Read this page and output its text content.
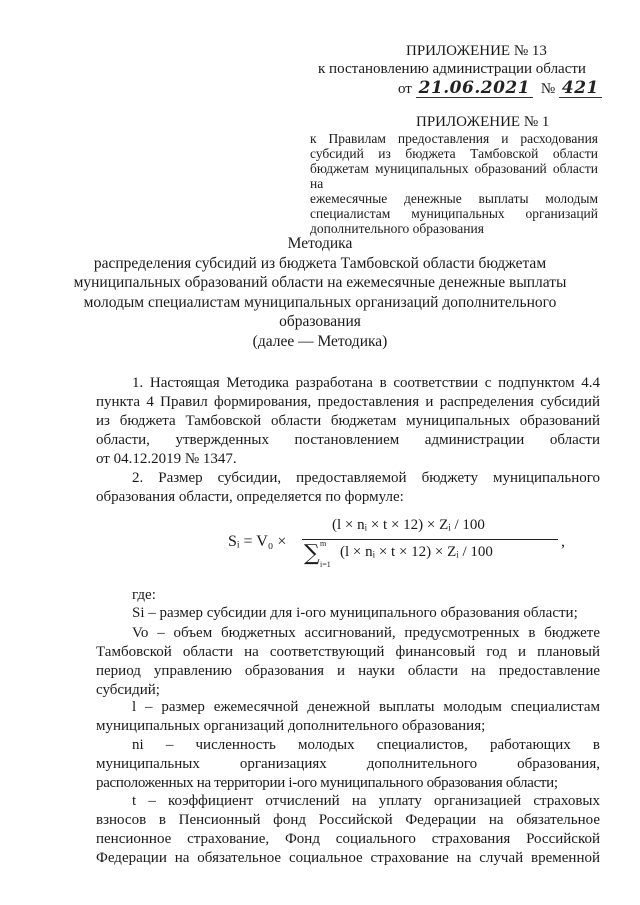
ПРИЛОЖЕНИЕ № 13
к постановлению администрации области
от 21.06.2021 № 421
ПРИЛОЖЕНИЕ № 1
к Правилам предоставления и расходования
субсидий из бюджета Тамбовской области
бюджетам муниципальных образований области на
ежемесячные денежные выплаты молодым
специалистам муниципальных организаций
дополнительного образования
Методика
распределения субсидий из бюджета Тамбовской области бюджетам
муниципальных образований области на ежемесячные денежные выплаты
молодым специалистам муниципальных организаций дополнительного
образования
(далее — Методика)
1. Настоящая Методика разработана в соответствии с подпунктом 4.4
пункта 4 Правил формирования, предоставления и распределения субсидий
из бюджета Тамбовской области бюджетам муниципальных образований
области, утвержденных постановлением администрации области
от 04.12.2019 № 1347.
2. Размер субсидии, предоставляемой бюджету муниципального
образования области, определяется по формуле:
Sᵢ = V₀ ×
(l × nᵢ × t × 12) × Zᵢ / 100
∑ m
i=1
(l × nᵢ × t × 12) × Zᵢ / 100
,
где:
Si – размер субсидии для i-ого муниципального образования области;
Vo – объем бюджетных ассигнований, предусмотренных в бюджете
Тамбовской области на соответствующий финансовый год и плановый
период управлению образования и науки области на предоставление
субсидий;
l – размер ежемесячной денежной выплаты молодым специалистам
муниципальных организаций дополнительного образования;
ni – численность молодых специалистов, работающих в
муниципальных организациях дополнительного образования,
расположенных на территории i-ого муниципального образования области;
t – коэффициент отчислений на уплату организацией страховых
взносов в Пенсионный фонд Российской Федерации на обязательное
пенсионное страхование, Фонд социального страхования Российской
Федерации на обязательное социальное страхование на случай временной
